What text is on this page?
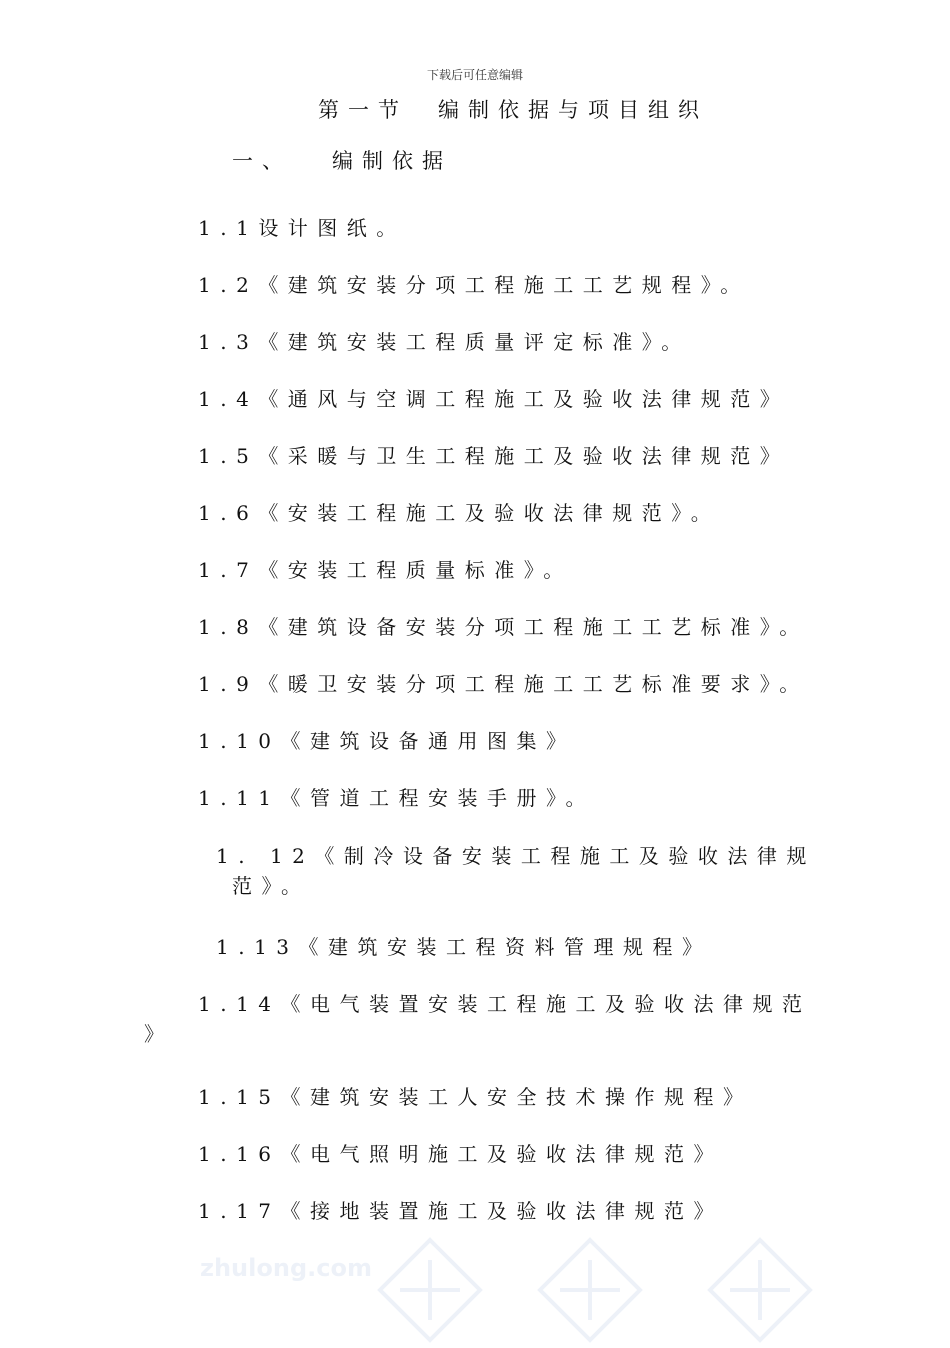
下载后可任意编辑
第一节　编制依据与项目组织
一、 编制依据
1.1设计图纸。
1.2《建筑安装分项工程施工工艺规程》。
1.3《建筑安装工程质量评定标准》。
1.4《通风与空调工程施工及验收法律规范》
1.5《采暖与卫生工程施工及验收法律规范》
1.6《安装工程施工及验收法律规范》。
1.7《安装工程质量标准》。
1.8《建筑设备安装分项工程施工工艺标准》。
1.9《暖卫安装分项工程施工工艺标准要求》。
1.10《建筑设备通用图集》
1.11《管道工程安装手册》。
1. 12《制冷设备安装工程施工及验收法律规
范》。
1.13《建筑安装工程资料管理规程》
1.14《电气装置安装工程施工及验收法律规范
》
1.15《建筑安装工人安全技术操作规程》
1.16《电气照明施工及验收法律规范》
1.17《接地装置施工及验收法律规范》
zhulong.com
